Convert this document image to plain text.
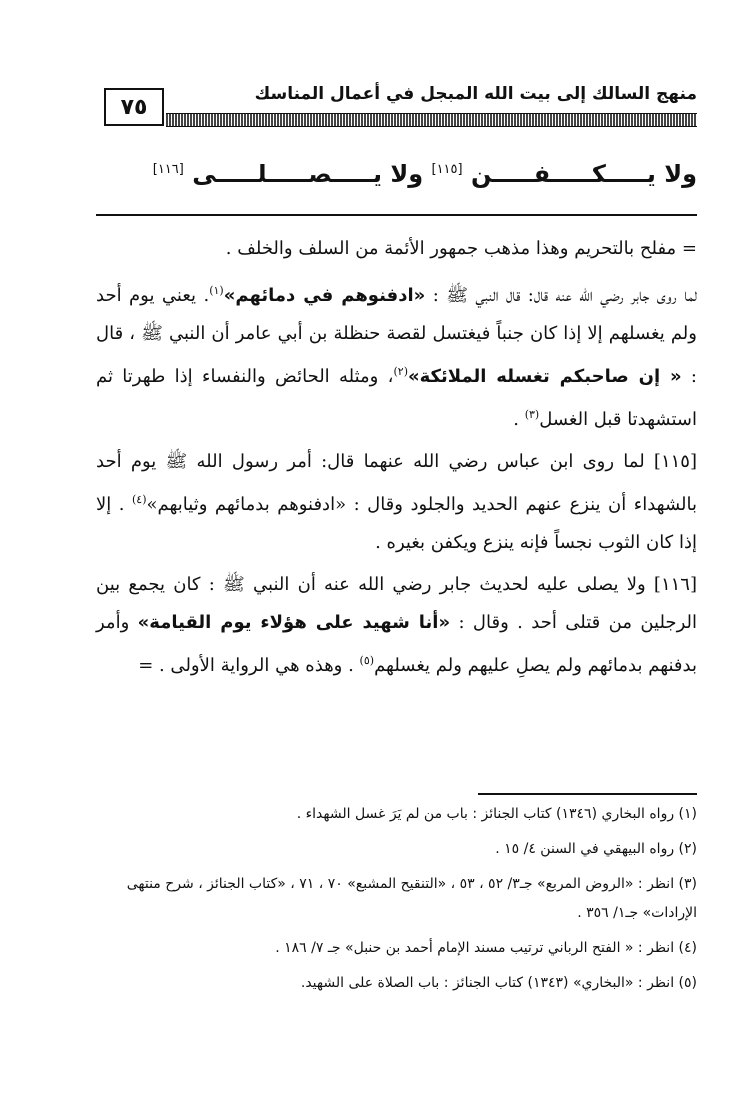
منهج السالك إلى بيت الله المبجل في أعمال المناسك
٧٥
ولا يـــــكـــــفـــــن [١١٥] ولا يـــــصـــــلـــــى [١١٦]

= مفلح بالتحريم وهذا مذهب جمهور الأئمة من السلف والخلف .

لما روى جابر رضي الله عنه قال: قال النبي ﷺ : «ادفنوهم في دمائهم»$^{(١)}$. يعني يوم أحد ولم يغسلهم إلا إذا كان جنباً فيغتسل لقصة حنظلة بن أبي عامر أن النبي ﷺ ، قال : « إن صاحبكم تغسله الملائكة»$^{(٢)}$، ومثله الحائض والنفساء إذا طهرتا ثم استشهدتا قبل الغسل$^{(٣)}$ .

[١١٥] لما روى ابن عباس رضي الله عنهما قال: أمر رسول الله ﷺ يوم أحد بالشهداء أن ينزع عنهم الحديد والجلود وقال : «ادفنوهم بدمائهم وثيابهم»$^{(٤)}$ . إلا إذا كان الثوب نجساً فإنه ينزع ويكفن بغيره .

[١١٦] ولا يصلى عليه لحديث جابر رضي الله عنه أن النبي ﷺ : كان يجمع بين الرجلين من قتلى أحد . وقال : «أنا شهيد على هؤلاء يوم القيامة» وأمر بدفنهم بدمائهم ولم يصلِ عليهم ولم يغسلهم$^{(٥)}$ . وهذه هي الرواية الأولى . =

(١) رواه البخاري (١٣٤٦) كتاب الجنائز : باب من لم يَرَ غسل الشهداء .

(٢) رواه البيهقي في السنن ٤/ ١٥ .

(٣) انظر : «الروض المربع» جـ٣/ ٥٢ ، ٥٣ ، «التنقيح المشبع» ٧٠ ، ٧١ ، «كتاب الجنائز ، شرح منتهى الإرادات» جـ١/ ٣٥٦ .

(٤) انظر : « الفتح الرباني ترتيب مسند الإمام أحمد بن حنبل» جـ ٧/ ١٨٦ .

(٥) انظر : «البخاري» (١٣٤٣) كتاب الجنائز : باب الصلاة على الشهيد.
